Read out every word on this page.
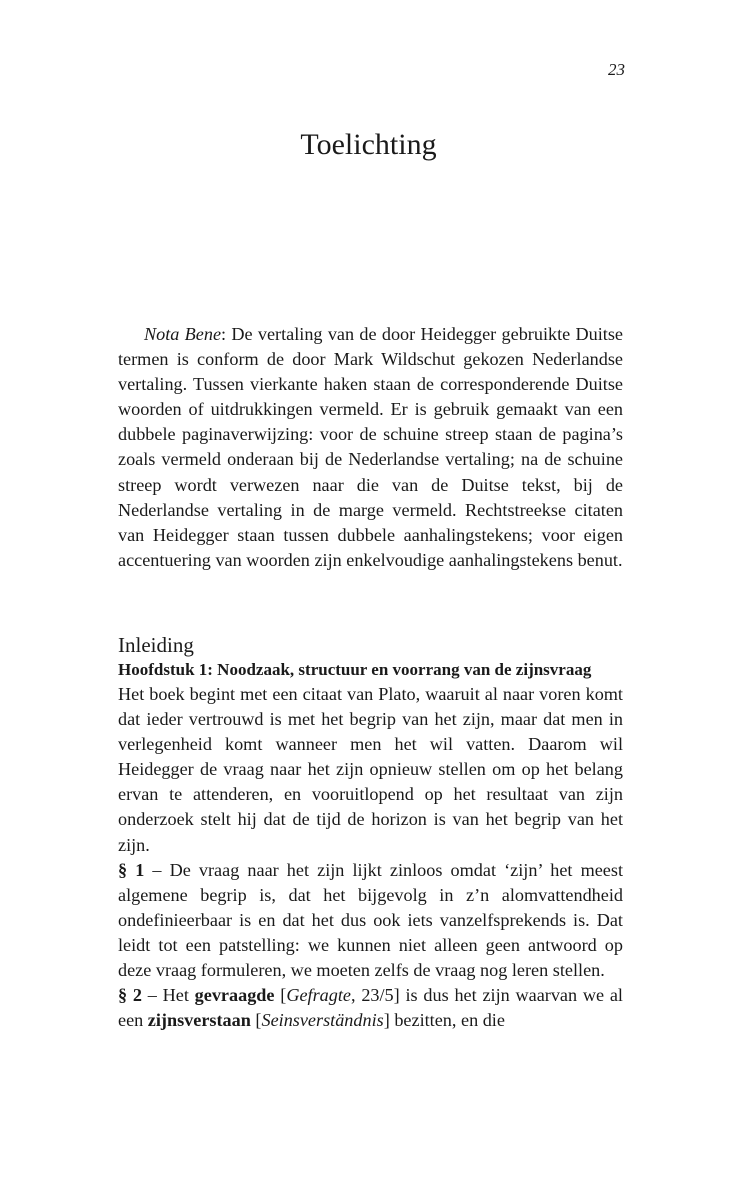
23
Toelichting
Nota Bene: De vertaling van de door Heidegger gebruikte Duitse termen is conform de door Mark Wildschut gekozen Nederlandse vertaling. Tussen vierkante haken staan de corresponderende Duitse woorden of uitdrukkingen vermeld. Er is gebruik gemaakt van een dubbele paginaverwijzing: voor de schuine streep staan de pagina’s zoals vermeld onderaan bij de Nederlandse vertaling; na de schuine streep wordt verwezen naar die van de Duitse tekst, bij de Nederlandse vertaling in de marge vermeld. Rechtstreekse citaten van Heidegger staan tussen dubbele aanhalingstekens; voor eigen accentuering van woorden zijn enkelvoudige aanhalingstekens benut.
Inleiding
Hoofdstuk 1: Noodzaak, structuur en voorrang van de zijnsvraag

Het boek begint met een citaat van Plato, waaruit al naar voren komt dat ieder vertrouwd is met het begrip van het zijn, maar dat men in verlegenheid komt wanneer men het wil vatten. Daarom wil Heidegger de vraag naar het zijn opnieuw stellen om op het belang ervan te attenderen, en vooruitlopend op het resultaat van zijn onderzoek stelt hij dat de tijd de horizon is van het begrip van het zijn.

§ 1 – De vraag naar het zijn lijkt zinloos omdat ‘zijn’ het meest algemene begrip is, dat het bijgevolg in z’n alomvattendheid ondefinieerbaar is en dat het dus ook iets vanzelfsprekends is. Dat leidt tot een patstelling: we kunnen niet alleen geen antwoord op deze vraag formuleren, we moeten zelfs de vraag nog leren stellen.

§ 2 – Het gevraagde [Gefragte, 23/5] is dus het zijn waarvan we al een zijnsverstaan [Seinsverständnis] bezitten, en die
